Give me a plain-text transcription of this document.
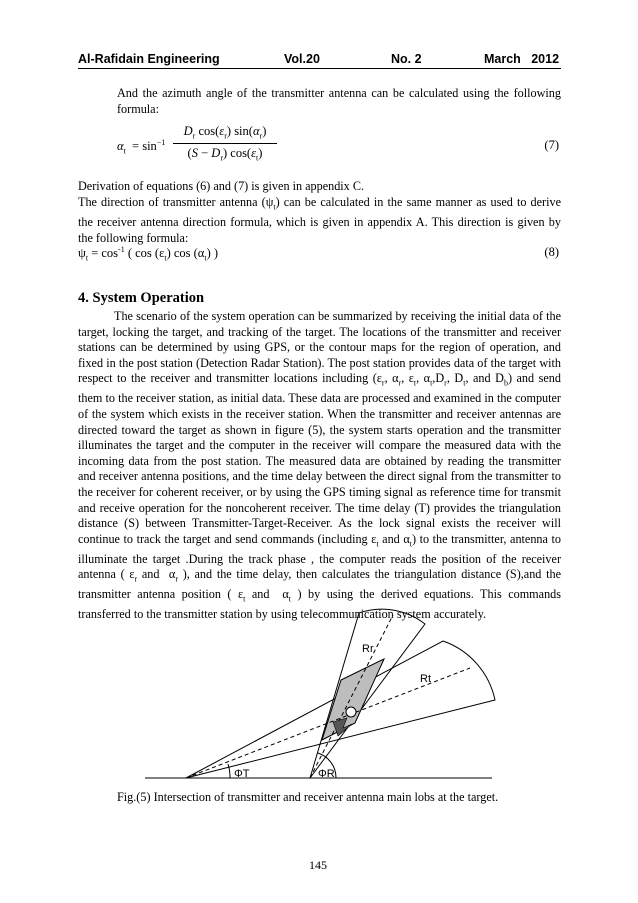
Al-Rafidain Engineering	Vol.20	No. 2	March   2012
And the azimuth angle of the transmitter antenna can be calculated using the following formula:
$\alpha_t = \sin^{-1} \frac{D_r \cos(\varepsilon_r) \sin(\alpha_r)}{(S - D_r) \cos(\varepsilon_t)}$	(7)
Derivation of equations (6) and (7) is given in appendix C.
The direction of transmitter antenna $(\psi_t)$ can be calculated in the same manner as used to derive the receiver antenna direction formula, which is given in appendix A. This direction is given by the following formula:
$\psi_t = \cos^{-1}$ ( $\cos (\varepsilon_t)$ $\cos (\alpha_t)$ )	(8)
4. System Operation

The scenario of the system operation can be summarized by receiving the initial data of the target, locking the target, and tracking of the target. The locations of the transmitter and receiver stations can be determined by using GPS, or the contour maps for the region of operation, and fixed in the post station (Detection Radar Station). The post station provides data of the target with respect to the receiver and transmitter locations including ($\varepsilon_r$, $\alpha_r$, $\varepsilon_t$, $\alpha_t,D_r$, $D_t$, and $D_b$) and send them to the receiver station, as initial data. These data are processed and examined in the computer of the system which exists in the receiver station. When the transmitter and receiver antennas are directed toward the target as shown in figure (5), the system starts operation and the transmitter illuminates the target and the computer in the receiver will compare the measured data with the incoming data from the post station. The measured data are obtained by reading the transmitter and receiver antenna positions, and the time delay between the direct signal from the transmitter to the receiver for coherent receiver, or by using the GPS timing signal as reference time for transmit and receive operation for the noncoherent receiver. The time delay (T) provides the triangulation distance (S) between Transmitter-Target-Receiver. As the lock signal exists the receiver will continue to track the target and send commands (including $\varepsilon_t$ and $\alpha_t$) to the transmitter, antenna to illuminate the target .During the track phase , the computer reads the position of the receiver antenna ( $\varepsilon_r$ and  $\alpha_r$ ), and the time delay, then calculates the triangulation distance (S),and the transmitter antenna position ( $\varepsilon_t$ and  $\alpha_t$ ) by using the derived equations. This commands transferred to the transmitter station by using telecommunication system accurately.

Rr
Rt
ΦT	ΦR
Fig.(5) Intersection of transmitter and receiver antenna main lobs at the target.
145
